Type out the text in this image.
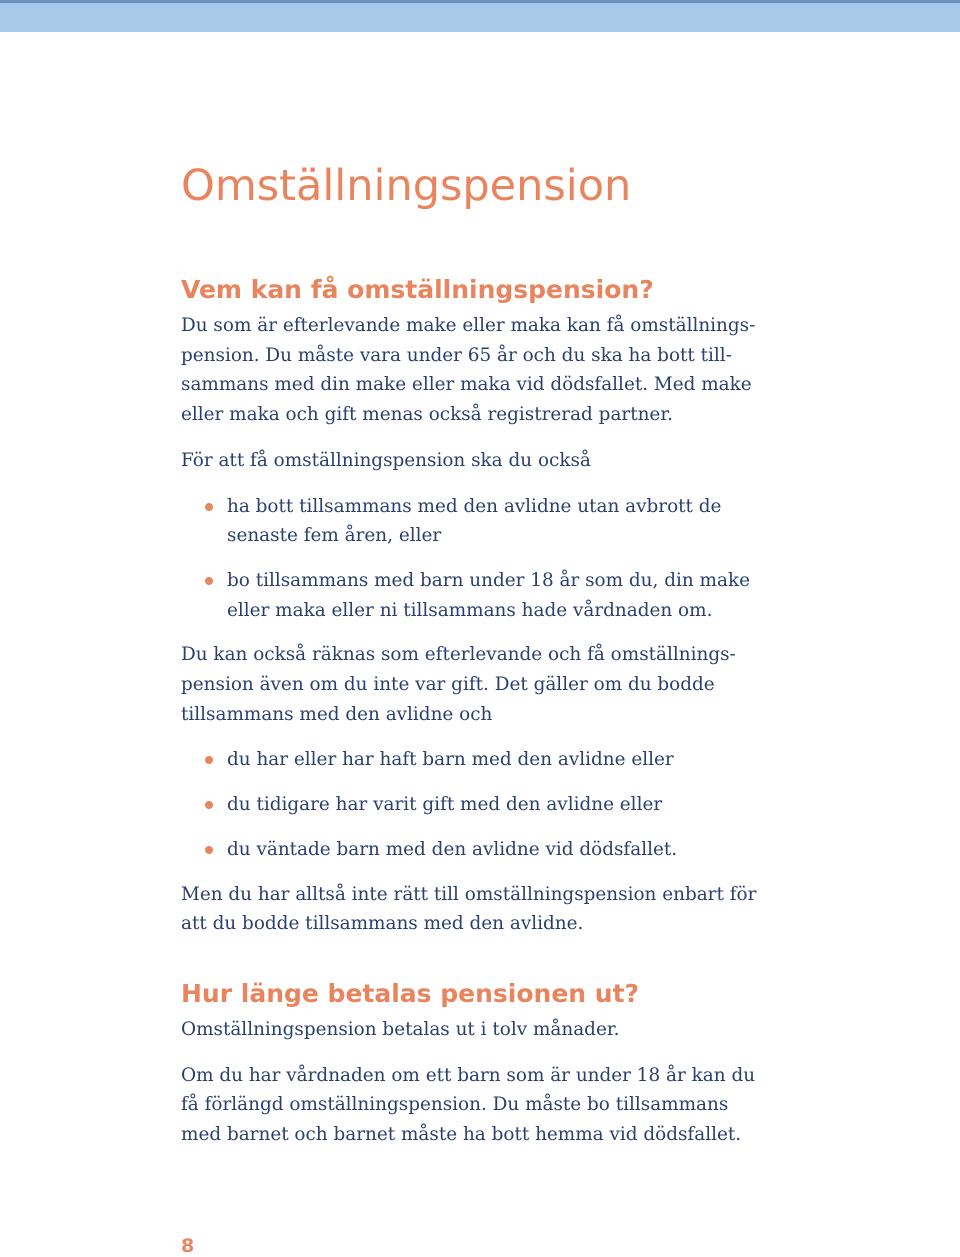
Omställningspension
Vem kan få omställningspension?

Du som är efterlevande make eller maka kan få omställnings-
pension. Du måste vara under 65 år och du ska ha bott till-
sammans med din make eller maka vid dödsfallet. Med make
eller maka och gift menas också registrerad partner.

För att få omställningspension ska du också

ha bott tillsammans med den avlidne utan avbrott de
senaste fem åren, eller
bo tillsammans med barn under 18 år som du, din make
eller maka eller ni tillsammans hade vårdnaden om.

Du kan också räknas som efterlevande och få omställnings-
pension även om du inte var gift. Det gäller om du bodde
tillsammans med den avlidne och

du har eller har haft barn med den avlidne eller
du tidigare har varit gift med den avlidne eller
du väntade barn med den avlidne vid dödsfallet.

Men du har alltså inte rätt till omställningspension enbart för
att du bodde tillsammans med den avlidne.

Hur länge betalas pensionen ut?

Omställningspension betalas ut i tolv månader.

Om du har vårdnaden om ett barn som är under 18 år kan du
få förlängd omställningspension. Du måste bo tillsammans
med barnet och barnet måste ha bott hemma vid dödsfallet.

8
